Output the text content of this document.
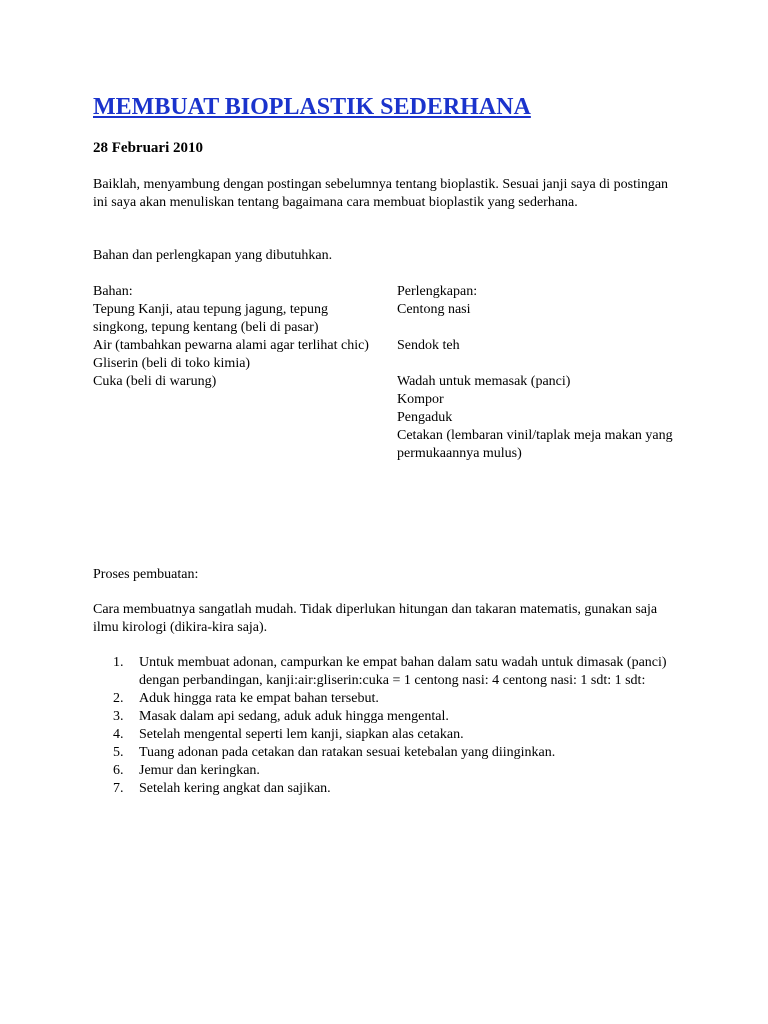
MEMBUAT BIOPLASTIK SEDERHANA
28 Februari 2010

Baiklah, menyambung dengan postingan sebelumnya tentang bioplastik. Sesuai janji saya di postingan ini saya akan menuliskan tentang bagaimana cara membuat bioplastik yang sederhana.

Bahan dan perlengkapan yang dibutuhkan.

Bahan:

Tepung Kanji, atau tepung jagung, tepung singkong, tepung kentang (beli di pasar)

Air (tambahkan pewarna alami agar terlihat chic)

Gliserin (beli di toko kimia)

Cuka (beli di warung)

Perlengkapan:

Centong nasi

Sendok teh

Wadah untuk memasak (panci)

Kompor

Pengaduk

Cetakan (lembaran vinil/taplak meja makan yang permukaannya mulus)

Proses pembuatan:

Cara membuatnya sangatlah mudah. Tidak diperlukan hitungan dan takaran matematis, gunakan saja ilmu kirologi (dikira-kira saja).

1. Untuk membuat adonan, campurkan ke empat bahan dalam satu wadah untuk dimasak (panci) dengan perbandingan, kanji:air:gliserin:cuka = 1 centong nasi: 4 centong nasi: 1 sdt: 1 sdt:
2. Aduk hingga rata ke empat bahan tersebut.
3. Masak dalam api sedang, aduk aduk hingga mengental.
4. Setelah mengental seperti lem kanji, siapkan alas cetakan.
5. Tuang adonan pada cetakan dan ratakan sesuai ketebalan yang diinginkan.
6. Jemur dan keringkan.
7. Setelah kering angkat dan sajikan.
